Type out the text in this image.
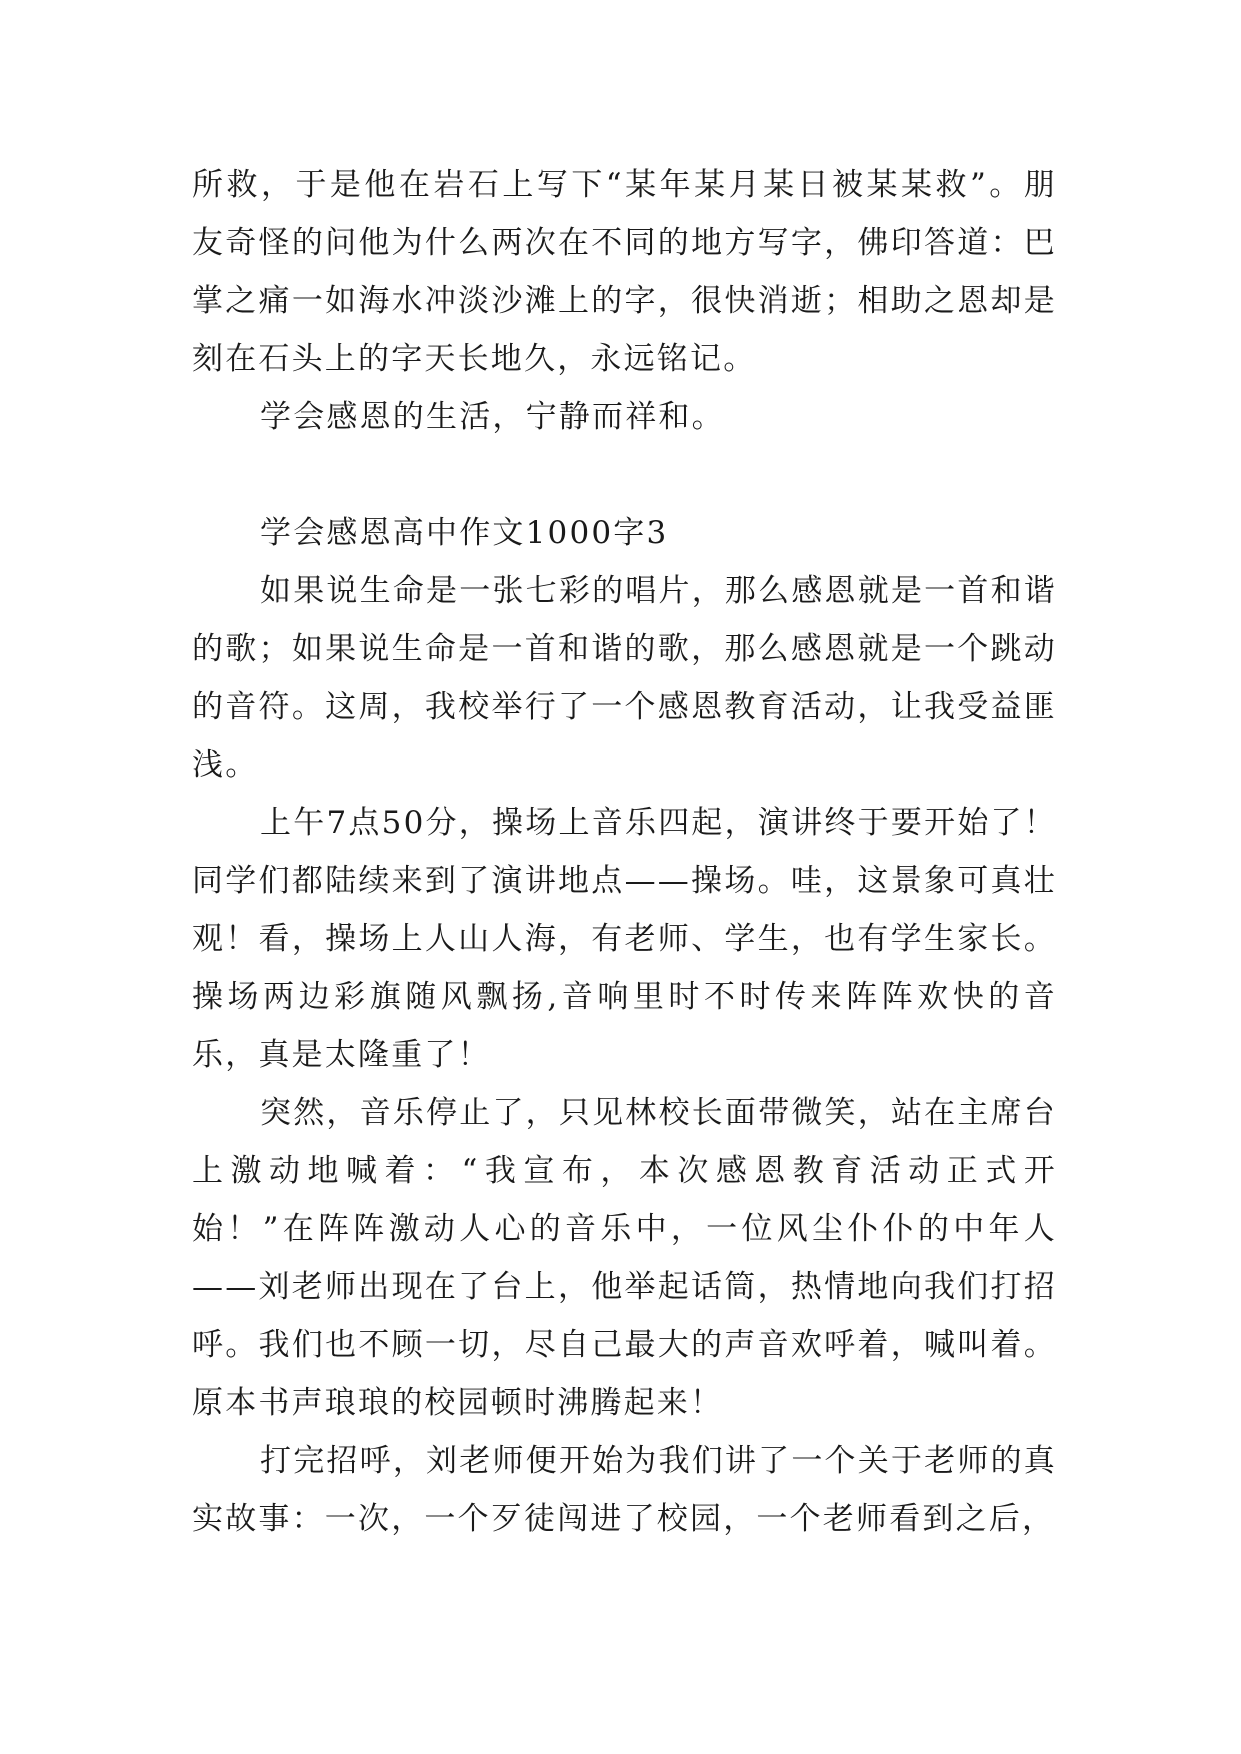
所救，于是他在岩石上写下“某年某月某日被某某救”。朋友奇怪的问他为什么两次在不同的地方写字，佛印答道：巴掌之痛一如海水冲淡沙滩上的字，很快消逝；相助之恩却是刻在石头上的字天长地久，永远铭记。

学会感恩的生活，宁静而祥和。

学会感恩高中作文1000字3

如果说生命是一张七彩的唱片，那么感恩就是一首和谐的歌；如果说生命是一首和谐的歌，那么感恩就是一个跳动的音符。这周，我校举行了一个感恩教育活动，让我受益匪浅。

上午7点50分，操场上音乐四起，演讲终于要开始了！同学们都陆续来到了演讲地点——操场。哇，这景象可真壮观！看，操场上人山人海，有老师、学生，也有学生家长。操场两边彩旗随风飘扬,音响里时不时传来阵阵欢快的音乐，真是太隆重了！

突然，音乐停止了，只见林校长面带微笑，站在主席台上激动地喊着：“我宣布，本次感恩教育活动正式开始！”在阵阵激动人心的音乐中，一位风尘仆仆的中年人——刘老师出现在了台上，他举起话筒，热情地向我们打招呼。我们也不顾一切，尽自己最大的声音欢呼着，喊叫着。原本书声琅琅的校园顿时沸腾起来！

打完招呼，刘老师便开始为我们讲了一个关于老师的真实故事：一次，一个歹徒闯进了校园，一个老师看到之后，
